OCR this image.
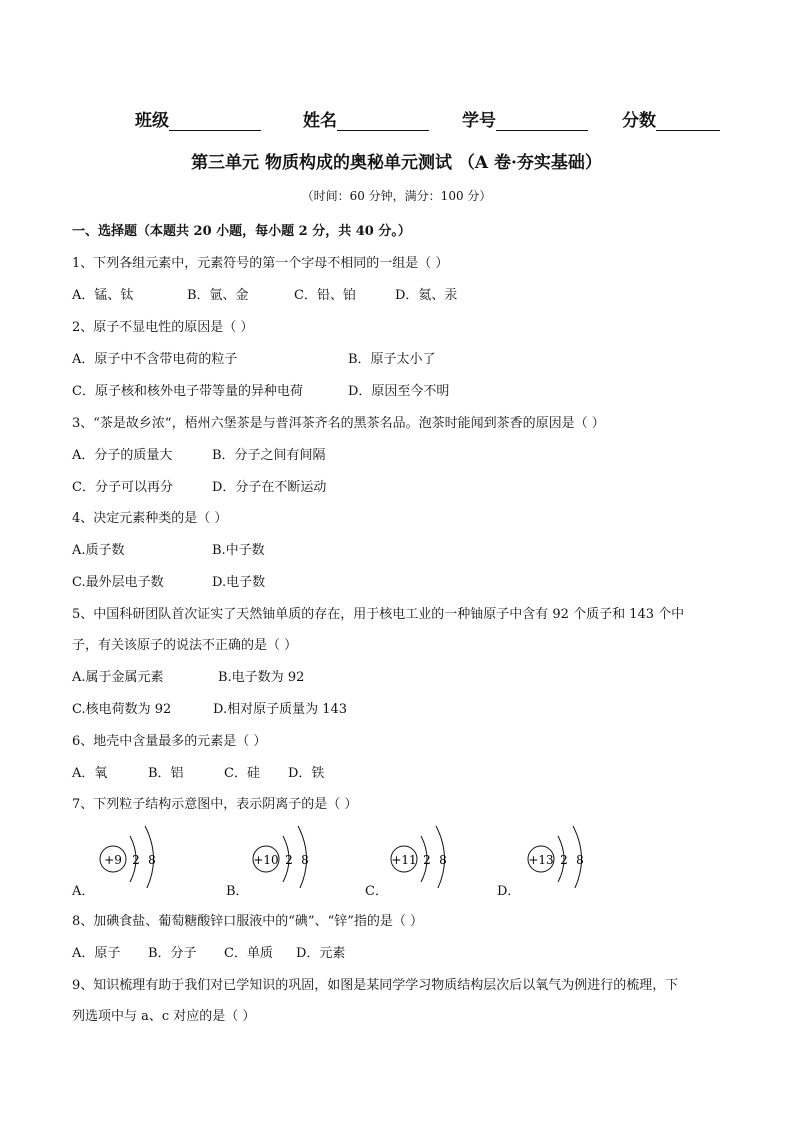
班级	姓名	学号	分数
第三单元 物质构成的奥秘单元测试 （A 卷·夯实基础）
（时间：60 分钟，满分：100 分）
一、选择题（本题共 20 小题，每小题 2 分，共 40 分。）
1、下列各组元素中，元素符号的第一个字母不相同的一组是（ ）
A．锰、钛	B．氩、金	C．铅、铂	D．氦、汞
2、原子不显电性的原因是（ ）
A．原子中不含带电荷的粒子	B．原子太小了
C．原子核和核外电子带等量的异种电荷	D．原因至今不明
3、“茶是故乡浓“，梧州六堡茶是与普洱茶齐名的黑茶名品。泡茶时能闻到茶香的原因是（ ）
A．分子的质量大	B．分子之间有间隔
C．分子可以再分	D．分子在不断运动
4、决定元素种类的是（ ）
A.质子数	B.中子数
C.最外层电子数	D.电子数
5、中国科研团队首次证实了天然铀单质的存在，用于核电工业的一种铀原子中含有 92 个质子和 143 个中
子，有关该原子的说法不正确的是（ ）
A.属于金属元素	B.电子数为 92
C.核电荷数为 92	D.相对原子质量为 143
6、地壳中含量最多的元素是（ ）
A．氧	B．铝	C．硅 D．铁
7、下列粒子结构示意图中，表示阴离子的是（ ）
+9 2 8	+10 2 8	+11 2 8	+13 2 8
A．	B．	C．	D．
8、加碘食盐、葡萄糖酸锌口服液中的“碘”、“锌”指的是（ ）
A．原子 B．分子 C．单质 D．元素
9、知识梳理有助于我们对已学知识的巩固，如图是某同学学习物质结构层次后以氧气为例进行的梳理，下
列选项中与 a、c 对应的是（ ）
